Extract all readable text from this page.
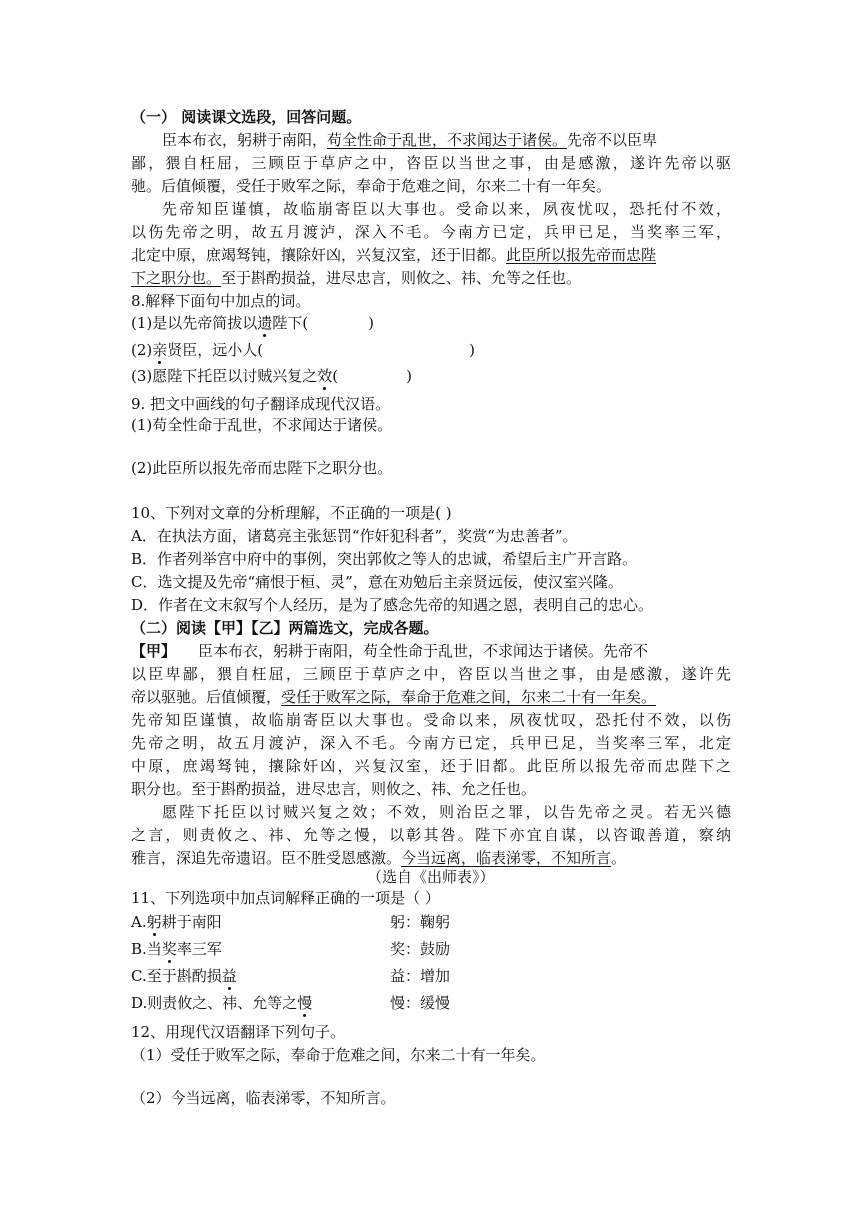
（一） 阅读课文选段，回答问题。
臣本布衣，躬耕于南阳，苟全性命于乱世，不求闻达于诸侯。先帝不以臣卑
鄙，猥自枉屈，三顾臣于草庐之中，咨臣以当世之事，由是感激，遂许先帝以驱
驰。后值倾覆，受任于败军之际，奉命于危难之间，尔来二十有一年矣。
先帝知臣谨慎，故临崩寄臣以大事也。受命以来，夙夜忧叹，恐托付不效，
以伤先帝之明，故五月渡泸，深入不毛。今南方已定，兵甲已足，当奖率三军，
北定中原，庶竭驽钝，攘除奸凶，兴复汉室，还于旧都。此臣所以报先帝而忠陛
下之职分也。至于斟酌损益，进尽忠言，则攸之、祎、允等之任也。
8.解释下面句中加点的词。
(1)是以先帝简拔以遗陛下(	)
(2)亲贤臣，远小人(	)
(3)愿陛下托臣以讨贼兴复之效(	)
9. 把文中画线的句子翻译成现代汉语。
(1)苟全性命于乱世，不求闻达于诸侯。
(2)此臣所以报先帝而忠陛下之职分也。
10、下列对文章的分析理解，不正确的一项是( )
A．在执法方面，诸葛亮主张惩罚“作奸犯科者”，奖赏“为忠善者”。
B．作者列举宫中府中的事例，突出郭攸之等人的忠诚，希望后主广开言路。
C．选文提及先帝“痛恨于桓、灵”，意在劝勉后主亲贤远佞，使汉室兴隆。
D．作者在文末叙写个人经历，是为了感念先帝的知遇之恩，表明自己的忠心。
（二）阅读【甲】【乙】两篇选文，完成各题。
【甲】 臣本布衣，躬耕于南阳，苟全性命于乱世，不求闻达于诸侯。先帝不
以臣卑鄙，猥自枉屈，三顾臣于草庐之中，咨臣以当世之事，由是感激，遂许先
帝以驱驰。后值倾覆，受任于败军之际，奉命于危难之间，尔来二十有一年矣。
先帝知臣谨慎，故临崩寄臣以大事也。受命以来，夙夜忧叹，恐托付不效，以伤
先帝之明，故五月渡泸，深入不毛。今南方已定，兵甲已足，当奖率三军，北定
中原，庶竭驽钝，攘除奸凶，兴复汉室，还于旧都。此臣所以报先帝而忠陛下之
职分也。至于斟酌损益，进尽忠言，则攸之、祎、允之任也。
愿陛下托臣以讨贼兴复之效；不效，则治臣之罪，以告先帝之灵。若无兴德
之言，则责攸之、祎、允等之慢，以彰其咎。陛下亦宜自谋，以咨诹善道，察纳
雅言，深追先帝遗诏。臣不胜受恩感激。今当远离，临表涕零，不知所言。
（选自《出师表》）
11、下列选项中加点词解释正确的一项是（ ）
A.躬耕于南阳	躬：鞠躬
B.当奖率三军	奖：鼓励
C.至于斟酌损益	益：增加
D.则责攸之、祎、允等之慢	慢：缓慢
12、用现代汉语翻译下列句子。
（1）受任于败军之际，奉命于危难之间，尔来二十有一年矣。
（2）今当远离，临表涕零，不知所言。
